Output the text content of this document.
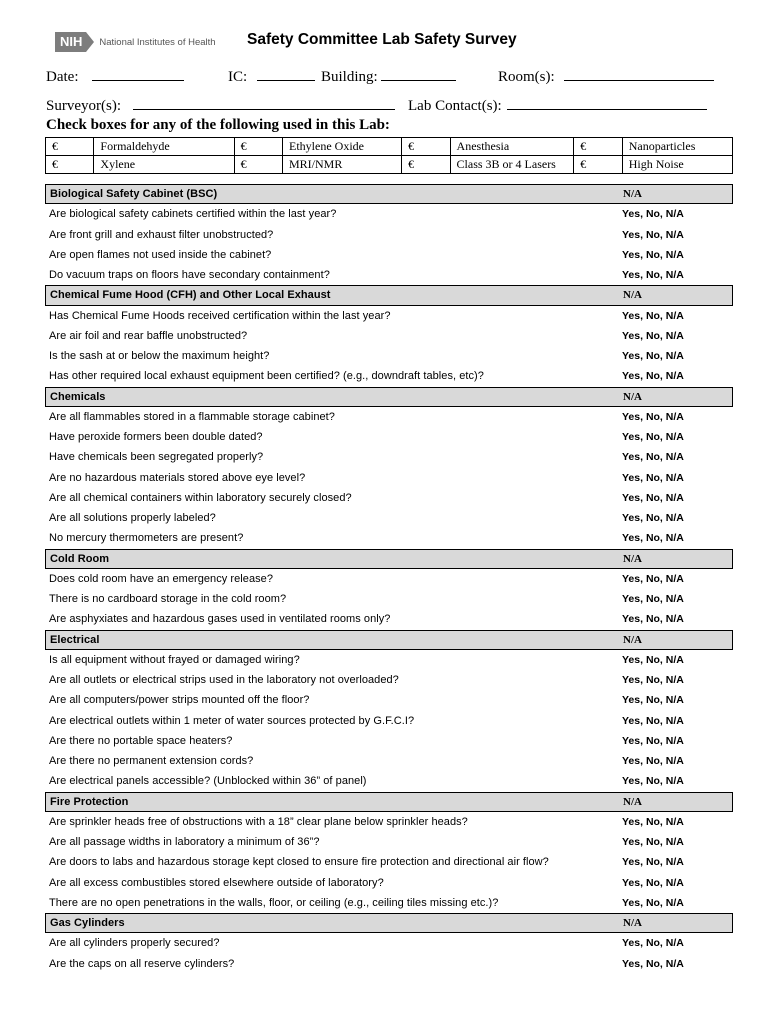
NIH	National Institutes of Health Safety Committee Lab Safety Survey
Date:	IC:	Building:	Room(s):
Surveyor(s):	Lab Contact(s):
Check boxes for any of the following used in this Lab:
€	Formaldehyde	€	Ethylene Oxide	€	Anesthesia	€	Nanoparticles
€	Xylene	€	MRI/NMR	€	Class 3B or 4 Lasers	€	High Noise
Biological Safety Cabinet (BSC)	N/A
Are biological safety cabinets certified within the last year?	Yes, No, N/A
Are front grill and exhaust filter unobstructed?	Yes, No, N/A
Are open flames not used inside the cabinet?	Yes, No, N/A
Do vacuum traps on floors have secondary containment?	Yes, No, N/A
Chemical Fume Hood (CFH) and Other Local Exhaust	N/A
Has Chemical Fume Hoods received certification within the last year?	Yes, No, N/A
Are air foil and rear baffle unobstructed?	Yes, No, N/A
Is the sash at or below the maximum height?	Yes, No, N/A
Has other required local exhaust equipment been certified? (e.g., downdraft tables, etc)?	Yes, No, N/A
Chemicals	N/A
Are all flammables stored in a flammable storage cabinet?	Yes, No, N/A
Have peroxide formers been double dated?	Yes, No, N/A
Have chemicals been segregated properly?	Yes, No, N/A
Are no hazardous materials stored above eye level?	Yes, No, N/A
Are all chemical containers within laboratory securely closed?	Yes, No, N/A
Are all solutions properly labeled?	Yes, No, N/A
No mercury thermometers are present?	Yes, No, N/A
Cold Room	N/A
Does cold room have an emergency release?	Yes, No, N/A
There is no cardboard storage in the cold room?	Yes, No, N/A
Are asphyxiates and hazardous gases used in ventilated rooms only?	Yes, No, N/A
Electrical	N/A
Is all equipment without frayed or damaged wiring?	Yes, No, N/A
Are all outlets or electrical strips used in the laboratory not overloaded?	Yes, No, N/A
Are all computers/power strips mounted off the floor?	Yes, No, N/A
Are electrical outlets within 1 meter of water sources protected by G.F.C.I?	Yes, No, N/A
Are there no portable space heaters?	Yes, No, N/A
Are there no permanent extension cords?	Yes, No, N/A
Are electrical panels accessible? (Unblocked within 36” of panel)	Yes, No, N/A
Fire Protection	N/A
Are sprinkler heads free of obstructions with a 18” clear plane below sprinkler heads?	Yes, No, N/A
Are all passage widths in laboratory a minimum of 36”?	Yes, No, N/A
Are doors to labs and hazardous storage kept closed to ensure fire protection and directional air flow?	Yes, No, N/A
Are all excess combustibles stored elsewhere outside of laboratory?	Yes, No, N/A
There are no open penetrations in the walls, floor, or ceiling (e.g., ceiling tiles missing etc.)?	Yes, No, N/A
Gas Cylinders	N/A
Are all cylinders properly secured?	Yes, No, N/A
Are the caps on all reserve cylinders?	Yes, No, N/A
